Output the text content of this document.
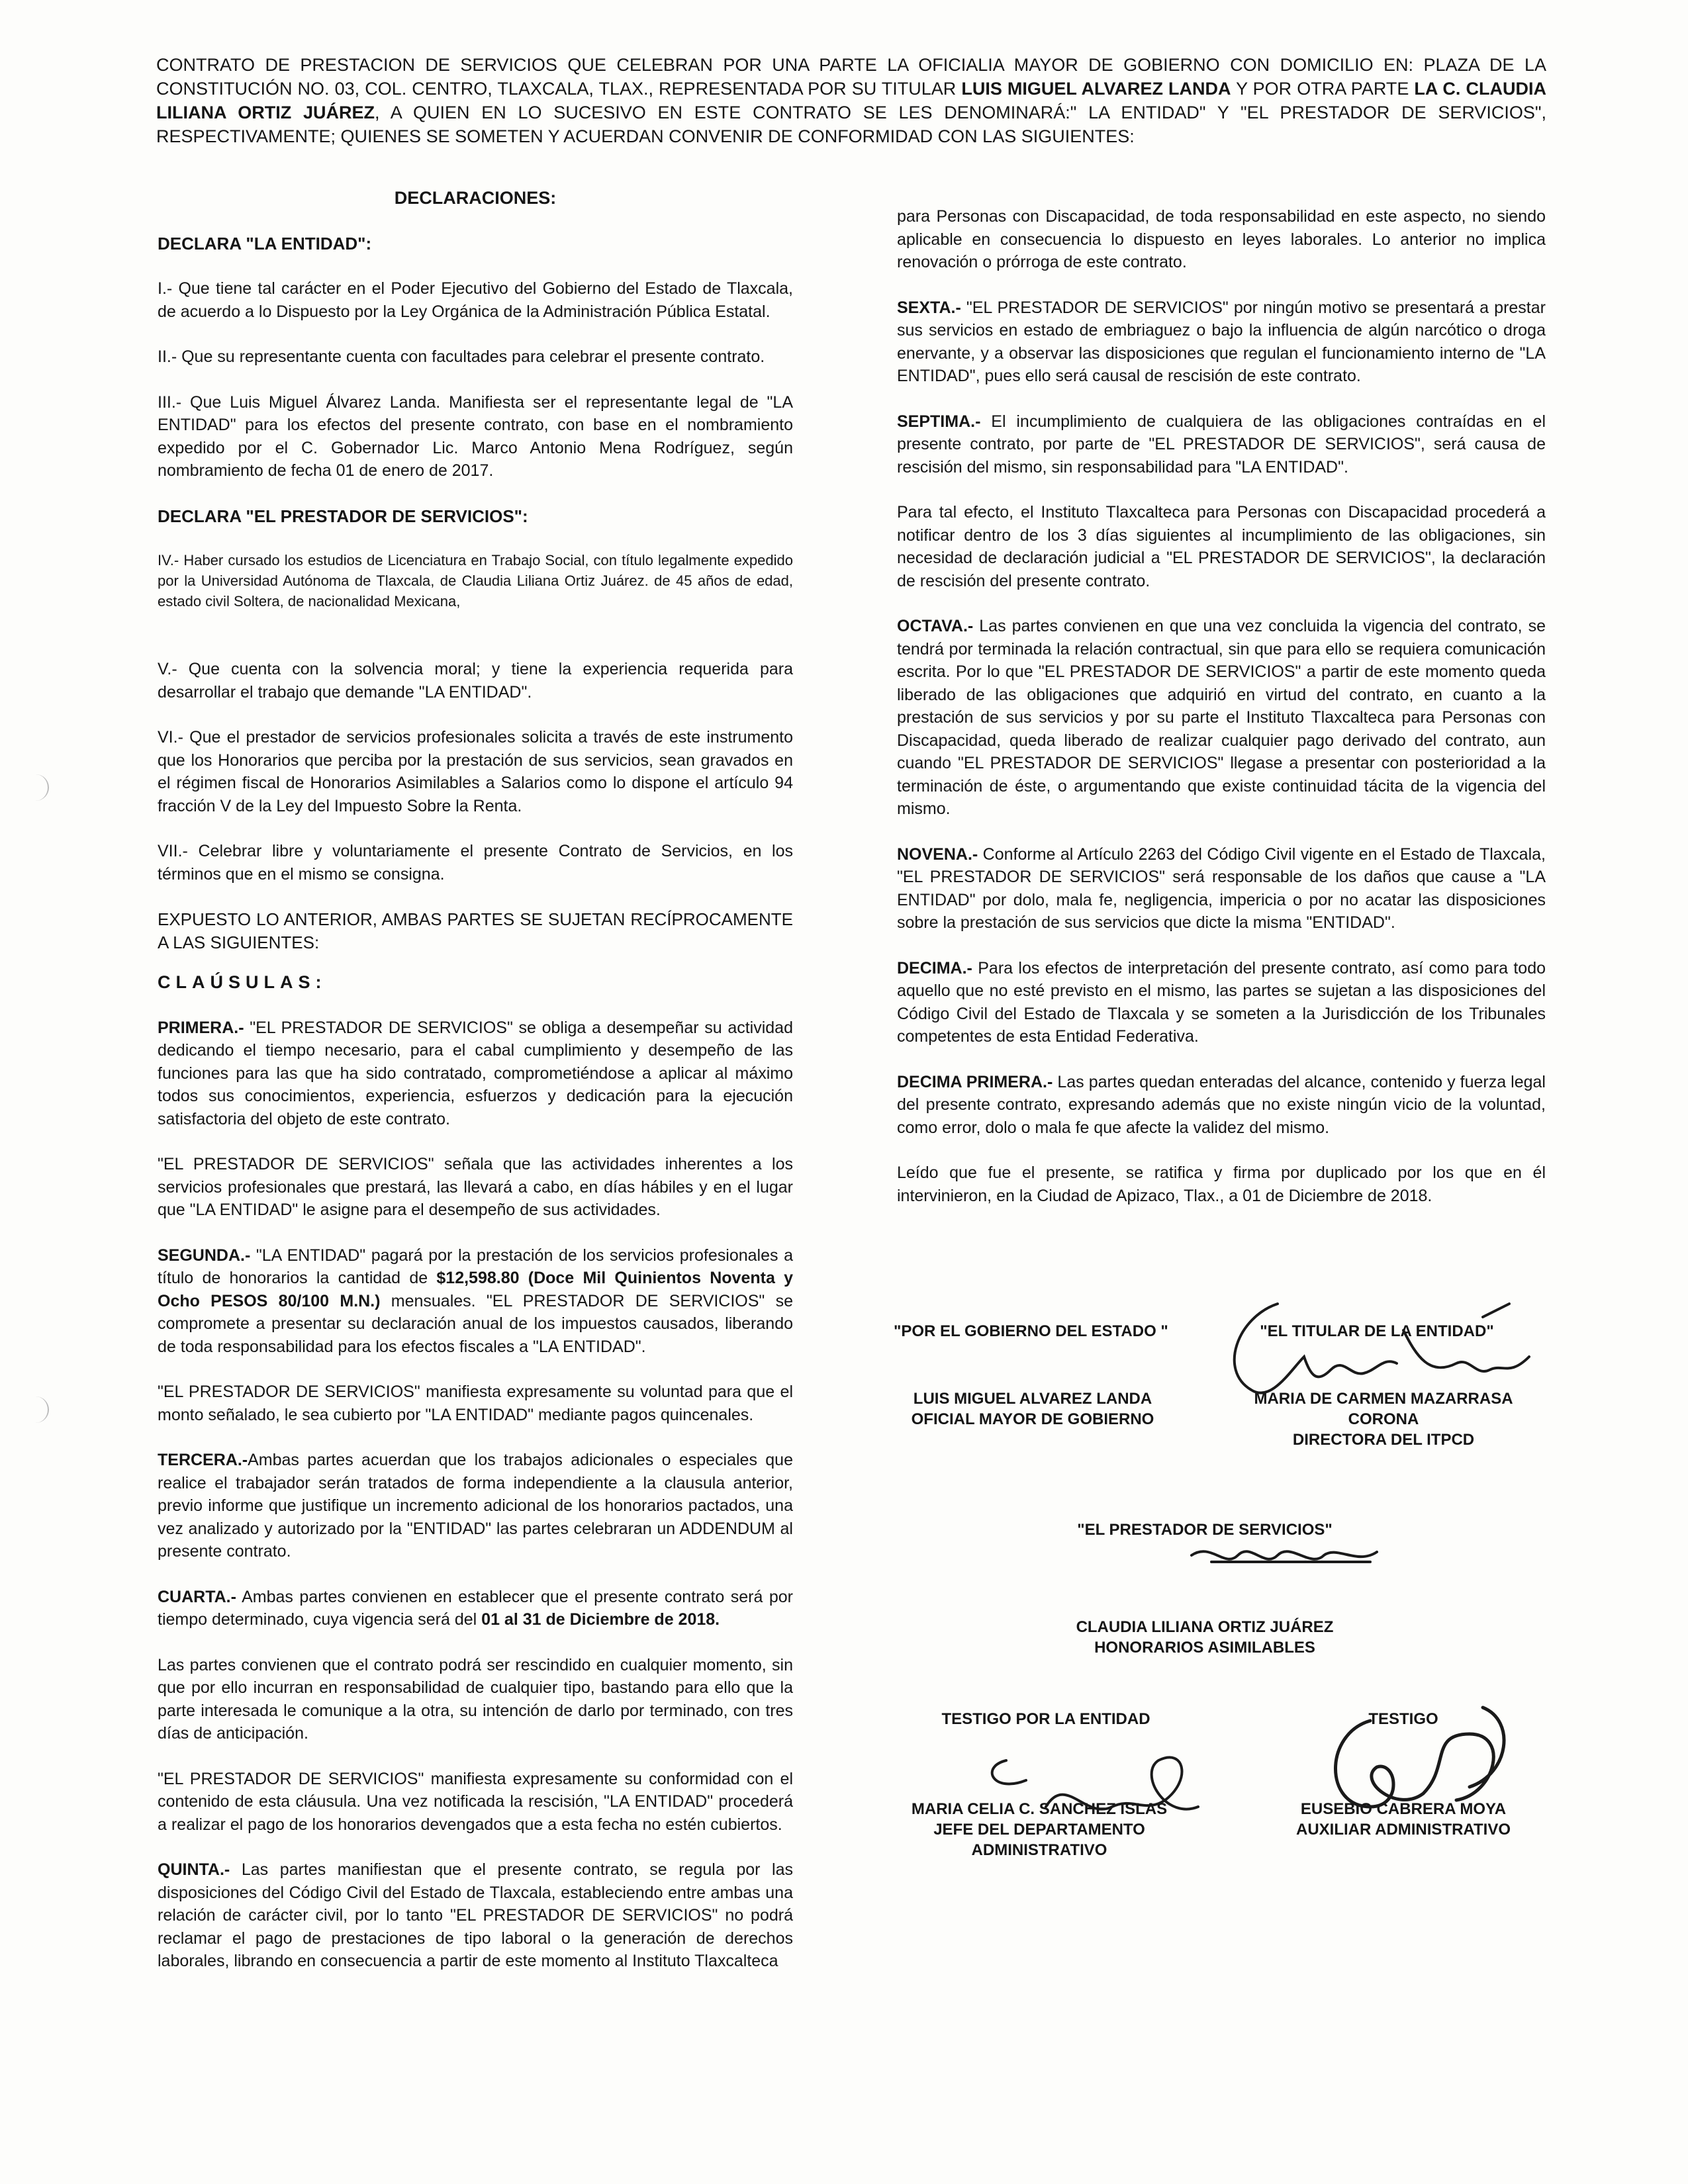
CONTRATO DE PRESTACION DE SERVICIOS QUE CELEBRAN POR UNA PARTE LA OFICIALIA MAYOR DE GOBIERNO CON DOMICILIO EN: PLAZA DE LA CONSTITUCIÓN NO. 03, COL. CENTRO, TLAXCALA, TLAX., REPRESENTADA POR SU TITULAR LUIS MIGUEL ALVAREZ LANDA Y POR OTRA PARTE LA C. CLAUDIA LILIANA ORTIZ JUÁREZ, A QUIEN EN LO SUCESIVO EN ESTE CONTRATO SE LES DENOMINARÁ:" LA ENTIDAD" Y "EL PRESTADOR DE SERVICIOS", RESPECTIVAMENTE; QUIENES SE SOMETEN Y ACUERDAN CONVENIR DE CONFORMIDAD CON LAS SIGUIENTES:

DECLARACIONES:

DECLARA "LA ENTIDAD":

I.- Que tiene tal carácter en el Poder Ejecutivo del Gobierno del Estado de Tlaxcala, de acuerdo a lo Dispuesto por la Ley Orgánica de la Administración Pública Estatal.

II.- Que su representante cuenta con facultades para celebrar el presente contrato.

III.- Que Luis Miguel Álvarez Landa. Manifiesta ser el representante legal de "LA ENTIDAD" para los efectos del presente contrato, con base en el nombramiento expedido por el C. Gobernador Lic. Marco Antonio Mena Rodríguez, según nombramiento de fecha 01 de enero de 2017.

DECLARA "EL PRESTADOR DE SERVICIOS":

IV.- Haber cursado los estudios de Licenciatura en Trabajo Social, con título legalmente expedido por la Universidad Autónoma de Tlaxcala, de Claudia Liliana Ortiz Juárez. de 45 años de edad, estado civil Soltera, de nacionalidad Mexicana,

V.- Que cuenta con la solvencia moral; y tiene la experiencia requerida para desarrollar el trabajo que demande "LA ENTIDAD".

VI.- Que el prestador de servicios profesionales solicita a través de este instrumento que los Honorarios que perciba por la prestación de sus servicios, sean gravados en el régimen fiscal de Honorarios Asimilables a Salarios como lo dispone el artículo 94 fracción V de la Ley del Impuesto Sobre la Renta.

VII.- Celebrar libre y voluntariamente el presente Contrato de Servicios, en los términos que en el mismo se consigna.

EXPUESTO LO ANTERIOR, AMBAS PARTES SE SUJETAN RECÍPROCAMENTE A LAS SIGUIENTES:

CLAÚSULAS:

PRIMERA.- "EL PRESTADOR DE SERVICIOS" se obliga a desempeñar su actividad dedicando el tiempo necesario, para el cabal cumplimiento y desempeño de las funciones para las que ha sido contratado, comprometiéndose a aplicar al máximo todos sus conocimientos, experiencia, esfuerzos y dedicación para la ejecución satisfactoria del objeto de este contrato.

"EL PRESTADOR DE SERVICIOS" señala que las actividades inherentes a los servicios profesionales que prestará, las llevará a cabo, en días hábiles y en el lugar que "LA ENTIDAD" le asigne para el desempeño de sus actividades.

SEGUNDA.- "LA ENTIDAD" pagará por la prestación de los servicios profesionales a título de honorarios la cantidad de $12,598.80 (Doce Mil Quinientos Noventa y Ocho PESOS 80/100 M.N.) mensuales. "EL PRESTADOR DE SERVICIOS" se compromete a presentar su declaración anual de los impuestos causados, liberando de toda responsabilidad para los efectos fiscales a "LA ENTIDAD".

"EL PRESTADOR DE SERVICIOS" manifiesta expresamente su voluntad para que el monto señalado, le sea cubierto por "LA ENTIDAD" mediante pagos quincenales.

TERCERA.-Ambas partes acuerdan que los trabajos adicionales o especiales que realice el trabajador serán tratados de forma independiente a la clausula anterior, previo informe que justifique un incremento adicional de los honorarios pactados, una vez analizado y autorizado por la "ENTIDAD" las partes celebraran un ADDENDUM al presente contrato.

CUARTA.- Ambas partes convienen en establecer que el presente contrato será por tiempo determinado, cuya vigencia será del 01 al 31 de Diciembre de 2018.

Las partes convienen que el contrato podrá ser rescindido en cualquier momento, sin que por ello incurran en responsabilidad de cualquier tipo, bastando para ello que la parte interesada le comunique a la otra, su intención de darlo por terminado, con tres días de anticipación.

"EL PRESTADOR DE SERVICIOS" manifiesta expresamente su conformidad con el contenido de esta cláusula. Una vez notificada la rescisión, "LA ENTIDAD" procederá a realizar el pago de los honorarios devengados que a esta fecha no estén cubiertos.

QUINTA.- Las partes manifiestan que el presente contrato, se regula por las disposiciones del Código Civil del Estado de Tlaxcala, estableciendo entre ambas una relación de carácter civil, por lo tanto "EL PRESTADOR DE SERVICIOS" no podrá reclamar el pago de prestaciones de tipo laboral o la generación de derechos laborales, librando en consecuencia a partir de este momento al Instituto Tlaxcalteca

para Personas con Discapacidad, de toda responsabilidad en este aspecto, no siendo aplicable en consecuencia lo dispuesto en leyes laborales. Lo anterior no implica renovación o prórroga de este contrato.

SEXTA.- "EL PRESTADOR DE SERVICIOS" por ningún motivo se presentará a prestar sus servicios en estado de embriaguez o bajo la influencia de algún narcótico o droga enervante, y a observar las disposiciones que regulan el funcionamiento interno de "LA ENTIDAD", pues ello será causal de rescisión de este contrato.

SEPTIMA.- El incumplimiento de cualquiera de las obligaciones contraídas en el presente contrato, por parte de "EL PRESTADOR DE SERVICIOS", será causa de rescisión del mismo, sin responsabilidad para "LA ENTIDAD".

Para tal efecto, el Instituto Tlaxcalteca para Personas con Discapacidad procederá a notificar dentro de los 3 días siguientes al incumplimiento de las obligaciones, sin necesidad de declaración judicial a "EL PRESTADOR DE SERVICIOS", la declaración de rescisión del presente contrato.

OCTAVA.- Las partes convienen en que una vez concluida la vigencia del contrato, se tendrá por terminada la relación contractual, sin que para ello se requiera comunicación escrita. Por lo que "EL PRESTADOR DE SERVICIOS" a partir de este momento queda liberado de las obligaciones que adquirió en virtud del contrato, en cuanto a la prestación de sus servicios y por su parte el Instituto Tlaxcalteca para Personas con Discapacidad, queda liberado de realizar cualquier pago derivado del contrato, aun cuando "EL PRESTADOR DE SERVICIOS" llegase a presentar con posterioridad a la terminación de éste, o argumentando que existe continuidad tácita de la vigencia del mismo.

NOVENA.- Conforme al Artículo 2263 del Código Civil vigente en el Estado de Tlaxcala, "EL PRESTADOR DE SERVICIOS" será responsable de los daños que cause a "LA ENTIDAD" por dolo, mala fe, negligencia, impericia o por no acatar las disposiciones sobre la prestación de sus servicios que dicte la misma "ENTIDAD".

DECIMA.- Para los efectos de interpretación del presente contrato, así como para todo aquello que no esté previsto en el mismo, las partes se sujetan a las disposiciones del Código Civil del Estado de Tlaxcala y se someten a la Jurisdicción de los Tribunales competentes de esta Entidad Federativa.

DECIMA PRIMERA.- Las partes quedan enteradas del alcance, contenido y fuerza legal del presente contrato, expresando además que no existe ningún vicio de la voluntad, como error, dolo o mala fe que afecte la validez del mismo.

Leído que fue el presente, se ratifica y firma por duplicado por los que en él intervinieron, en la Ciudad de Apizaco, Tlax., a 01 de Diciembre de 2018.

"POR EL GOBIERNO DEL ESTADO "
LUIS MIGUEL ALVAREZ LANDA
OFICIAL MAYOR DE GOBIERNO
"EL TITULAR DE LA ENTIDAD"
MARIA DE CARMEN MAZARRASA
CORONA
DIRECTORA DEL ITPCD
"EL PRESTADOR DE SERVICIOS"
CLAUDIA LILIANA ORTIZ JUÁREZ
HONORARIOS ASIMILABLES
TESTIGO POR LA ENTIDAD
MARIA CELIA C. SANCHEZ ISLAS
JEFE DEL DEPARTAMENTO
ADMINISTRATIVO
TESTIGO
EUSEBIO CABRERA MOYA
AUXILIAR ADMINISTRATIVO
